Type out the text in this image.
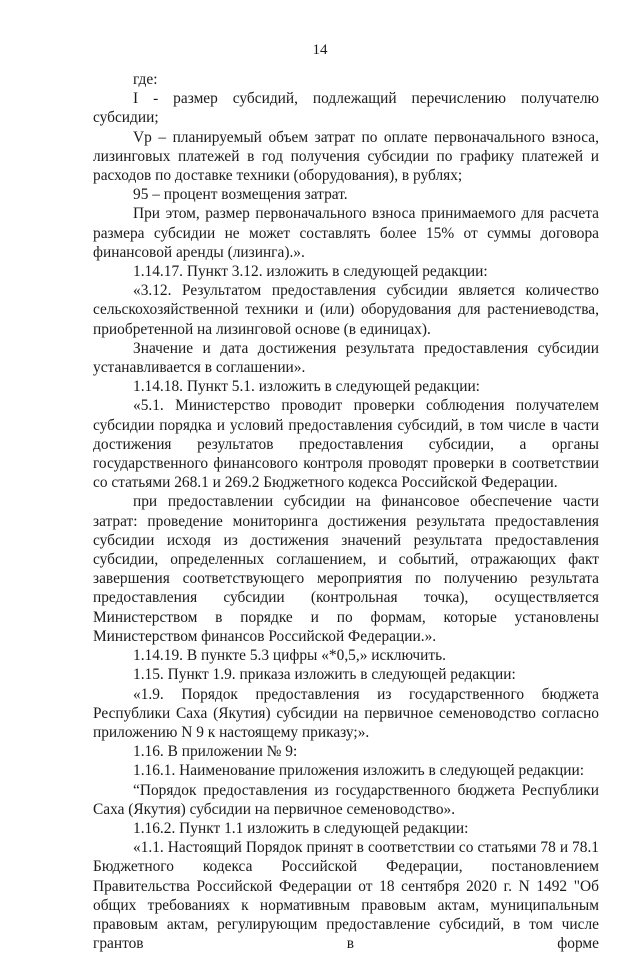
14

где:

I - размер субсидий, подлежащий перечислению получателю субсидии;

Vp – планируемый объем затрат по оплате первоначального взноса, лизинговых платежей в год получения субсидии по графику платежей и расходов по доставке техники (оборудования), в рублях;

95 – процент возмещения затрат.

При этом, размер первоначального взноса принимаемого для расчета размера субсидии не может составлять более 15% от суммы договора финансовой аренды (лизинга).».

1.14.17. Пункт 3.12. изложить в следующей редакции:

«3.12. Результатом предоставления субсидии является количество сельскохозяйственной техники и (или) оборудования для растениеводства, приобретенной на лизинговой основе (в единицах).

Значение и дата достижения результата предоставления субсидии устанавливается в соглашении».

1.14.18. Пункт 5.1. изложить в следующей редакции:

«5.1. Министерство проводит проверки соблюдения получателем субсидии порядка и условий предоставления субсидий, в том числе в части достижения результатов предоставления субсидии, а органы государственного финансового контроля проводят проверки в соответствии со статьями 268.1 и 269.2 Бюджетного кодекса Российской Федерации.

при предоставлении субсидии на финансовое обеспечение части затрат: проведение мониторинга достижения результата предоставления субсидии исходя из достижения значений результата предоставления субсидии, определенных соглашением, и событий, отражающих факт завершения соответствующего мероприятия по получению результата предоставления субсидии (контрольная точка), осуществляется Министерством в порядке и по формам, которые установлены Министерством финансов Российской Федерации.».

1.14.19. В пункте 5.3 цифры «*0,5,» исключить.

1.15. Пункт 1.9. приказа изложить в следующей редакции:

«1.9. Порядок предоставления из государственного бюджета Республики Саха (Якутия) субсидии на первичное семеноводство согласно приложению N 9 к настоящему приказу;».

1.16. В приложении № 9:

1.16.1. Наименование приложения изложить в следующей редакции:

“Порядок предоставления из государственного бюджета Республики Саха (Якутия) субсидии на первичное семеноводство».

1.16.2. Пункт 1.1 изложить в следующей редакции:

«1.1. Настоящий Порядок принят в соответствии со статьями 78 и 78.1 Бюджетного кодекса Российской Федерации, постановлением Правительства Российской Федерации от 18 сентября 2020 г. N 1492 "Об общих требованиях к нормативным правовым актам, муниципальным правовым актам, регулирующим предоставление субсидий, в том числе грантов в форме
